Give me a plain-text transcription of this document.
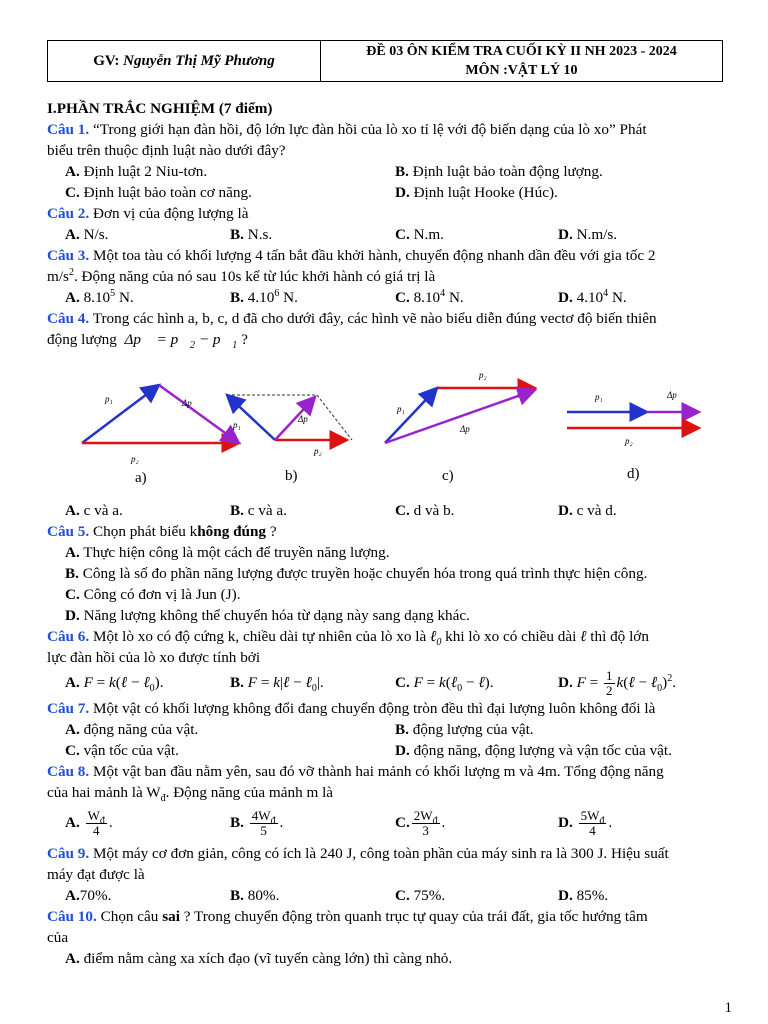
GV:
Nguyễn Thị Mỹ Phương
ĐỀ 03 ÔN KIỂM TRA CUỐI KỲ II NH 2023 - 2024
MÔN :VẬT LÝ 10
I.PHẦN TRẮC NGHIỆM (7 điểm)
Câu 1. “Trong giới hạn đàn hồi, độ lớn lực đàn hồi của lò xo tỉ lệ với độ biến dạng của lò xo” Phát
biểu trên thuộc định luật nào dưới đây?
A. Định luật 2 Niu-tơn.	B. Định luật bảo toàn động lượng.
C. Định luật bảo toàn cơ năng.	D. Định luật Hooke (Húc).
Câu 2. Đơn vị của động lượng là
A. N/s.	B. N.s.	C. N.m.	D. N.m/s.
Câu 3. Một toa tàu có khối lượng 4 tấn bắt đầu khởi hành, chuyển động nhanh dần đều với gia tốc 2
$m/s^2$. Động năng của nó sau 10s kể từ lúc khởi hành có giá trị là
A. 8.10$^5$ N.	B. 4.10$^6$ N.	C. 8.10$^4$ N.	D. 4.10$^4$ N.
Câu 4. Trong các hình a, b, c, d đã cho dưới đây, các hình vẽ nào biểu diễn đúng vectơ độ biến thiên
động lượng  Δp⃗ = $p⃗_2$ − $p⃗_1$ ?
p₁	Δp
p₂
p₁
Δp
p₂
p₁
p₂
Δp
p₁	Δp
p₂
a)	b)	c)	d)
A. c và a.	B. c và a.	C. d và b.	D. c và d.
Câu 5. Chọn phát biểu không đúng ?
A. Thực hiện công là một cách để truyền năng lượng.
B. Công là số đo phần năng lượng được truyền hoặc chuyển hóa trong quá trình thực hiện công.
C. Công có đơn vị là Jun (J).
D. Năng lượng không thể chuyển hóa từ dạng này sang dạng khác.
Câu 6. Một lò xo có độ cứng k, chiều dài tự nhiên của lò xo là ℓ$_0$ khi lò xo có chiều dài ℓ thì độ lớn
lực đàn hồi của lò xo được tính bởi
A. F = k(ℓ − ℓ$_0$).	B. F = k|ℓ − ℓ$_0$|.	C. F = k(ℓ$_0$ − ℓ).	D. $F = \frac{1}{2}$ k(ℓ − ℓ$_0$)$^2$.
Câu 7. Một vật có khối lượng không đổi đang chuyển động tròn đều thì đại lượng luôn không đổi là
A. động năng của vật.	B. động lượng của vật.
C. vận tốc của vật.	D. động năng, động lượng và vận tốc của vật.
Câu 8. Một vật ban đầu nằm yên, sau đó vỡ thành hai mảnh có khối lượng m và 4m. Tổng động năng
của hai mảnh là $W_đ$. Động năng của mảnh m là
A. $\frac{W_đ}{4}$ .	B. $\frac{4W_đ}{5}$ .	C. $\frac{2W_đ}{3}$ .	D. $\frac{5W_đ}{4}$ .
Câu 9. Một máy cơ đơn giản, công có ích là 240 J, công toàn phần của máy sinh ra là 300 J. Hiệu suất
máy đạt được là
A.70%.	B. 80%.	C. 75%.	D. 85%.
Câu 10. Chọn câu sai ? Trong chuyển động tròn quanh trục tự quay của trái đất, gia tốc hướng tâm
của
A. điểm nằm càng xa xích đạo (vĩ tuyến càng lớn) thì càng nhỏ.
1
